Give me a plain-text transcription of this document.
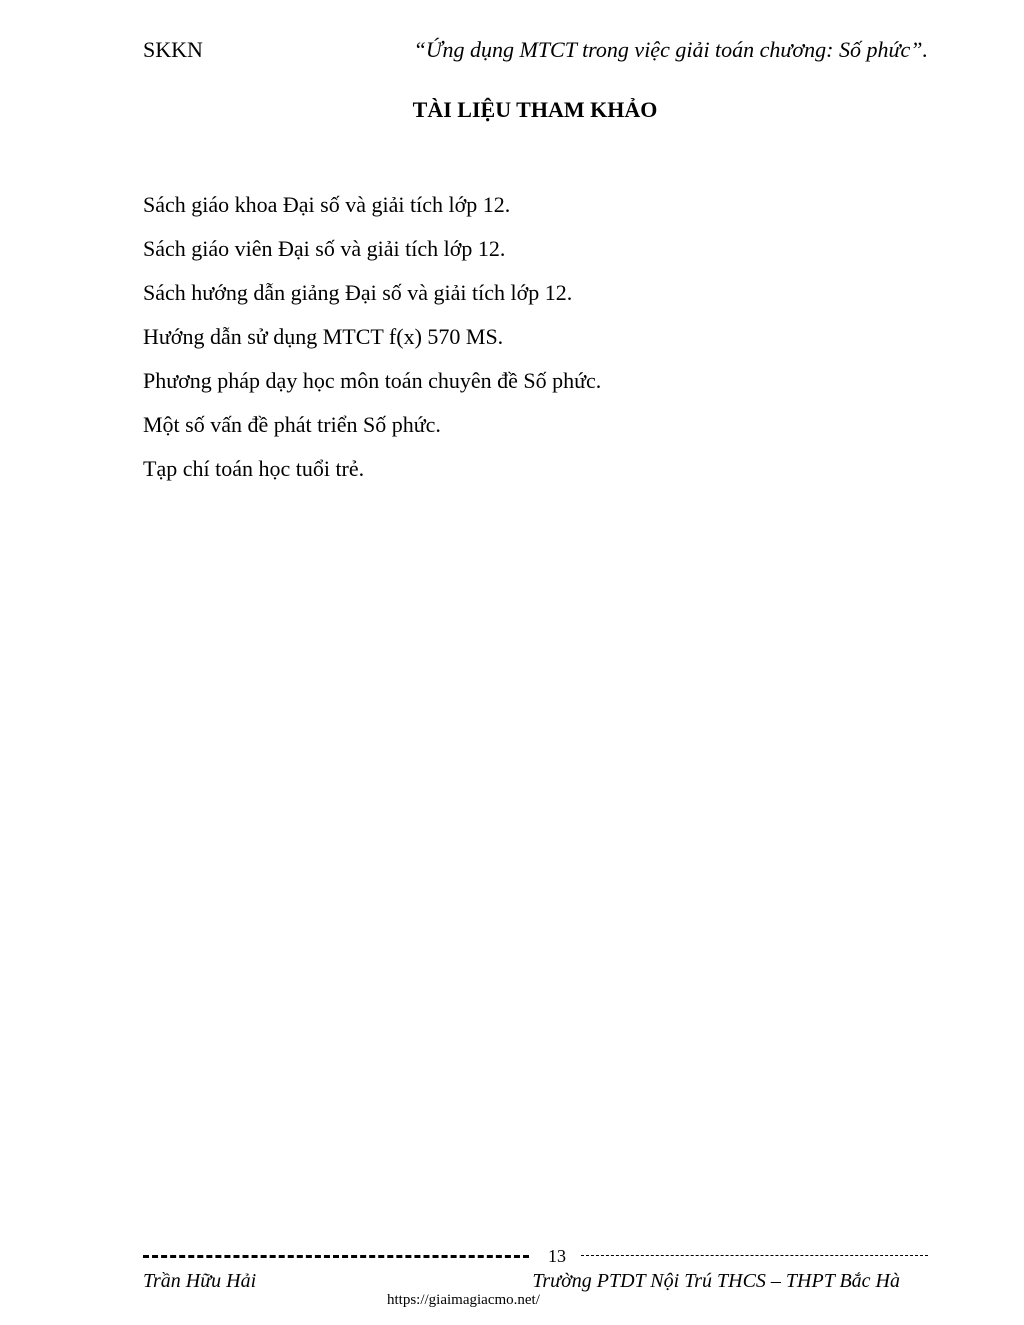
SKKN	“Ứng dụng MTCT trong việc giải toán chương: Số phức”.
TÀI LIỆU THAM KHẢO
Sách giáo khoa Đại số và giải tích lớp 12.
Sách giáo viên Đại số và giải tích lớp 12.
Sách hướng dẫn giảng Đại số và giải tích lớp 12.
Hướng dẫn sử dụng MTCT f(x) 570 MS.
Phương pháp dạy học môn toán chuyên đề Số phức.
Một số vấn đề phát triển Số phức.
Tạp chí toán học tuổi trẻ.
13
Trần Hữu Hải	Trường PTDT Nội Trú THCS – THPT Bắc Hà
https://giaimagiacmo.net/
